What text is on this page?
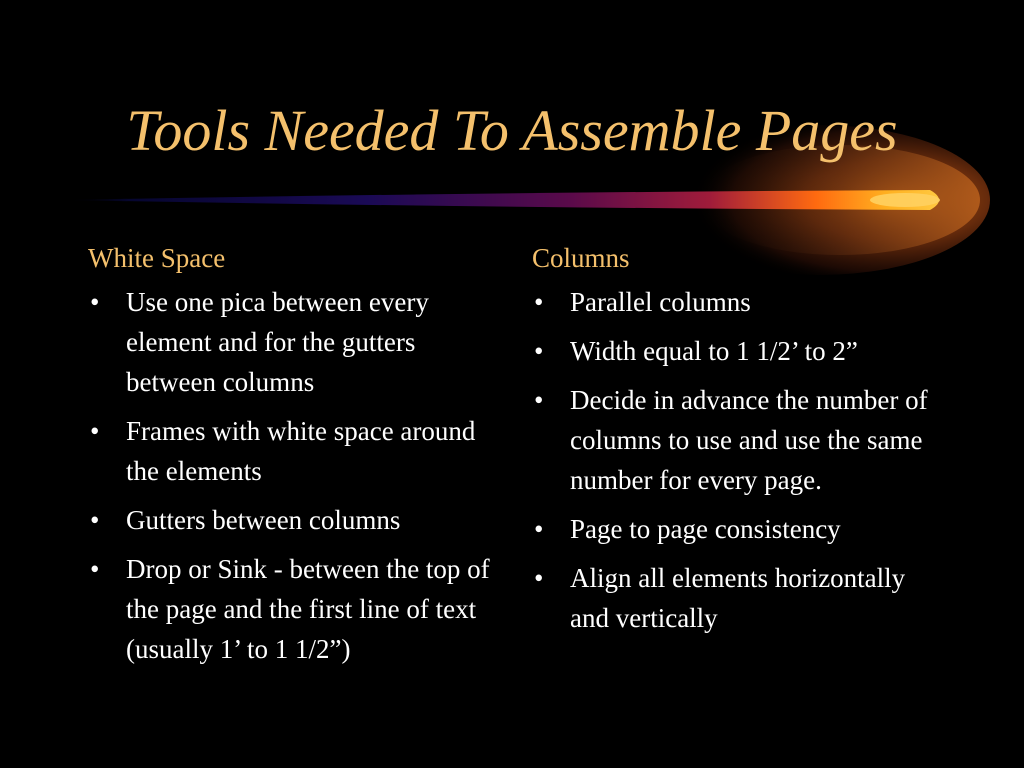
Tools Needed To Assemble Pages
White Space
• Use one pica between every element and for the gutters between columns
• Frames with white space around the elements
• Gutters between columns
• Drop or Sink - between the top of the page and the first line of text (usually 1’ to 1 1/2”)
Columns
• Parallel columns
• Width equal to 1 1/2’ to 2”
• Decide in advance the number of columns to use and use the same number for every page.
• Page to page consistency
• Align all elements horizontally and vertically
